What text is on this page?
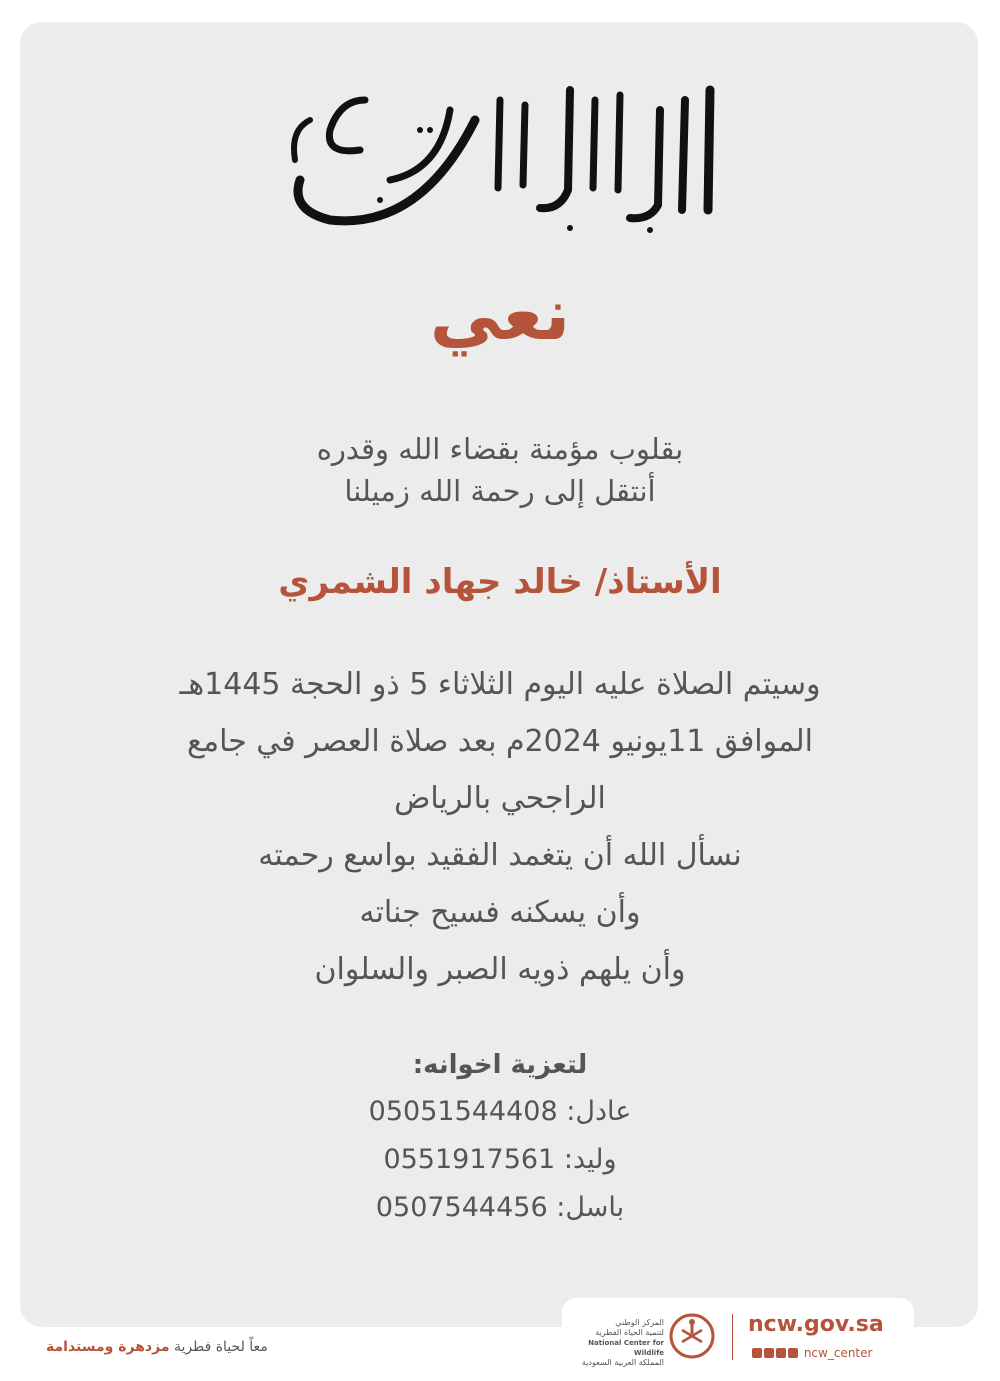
نعي
بقلوب مؤمنة بقضاء الله وقدره
أنتقل إلى رحمة الله زميلنا
الأستاذ/ خالد جهاد الشمري
وسيتم الصلاة عليه اليوم الثلاثاء 5 ذو الحجة 1445هـ
الموافق 11يونيو 2024م بعد صلاة العصر في جامع
الراجحي بالرياض
نسأل الله أن يتغمد الفقيد بواسع رحمته
وأن يسكنه فسيح جناته
وأن يلهم ذويه الصبر والسلوان
لتعزية اخوانه:
عادل: 05051544408
وليد: 0551917561
باسل: 0507544456
معاً لحياة فطرية مزدهرة ومستدامة
المركز الوطني
لتنمية الحياة الفطرية
National Center for Wildlife
المملكة العربية السعودية
ncw.gov.sa
ncw_center
